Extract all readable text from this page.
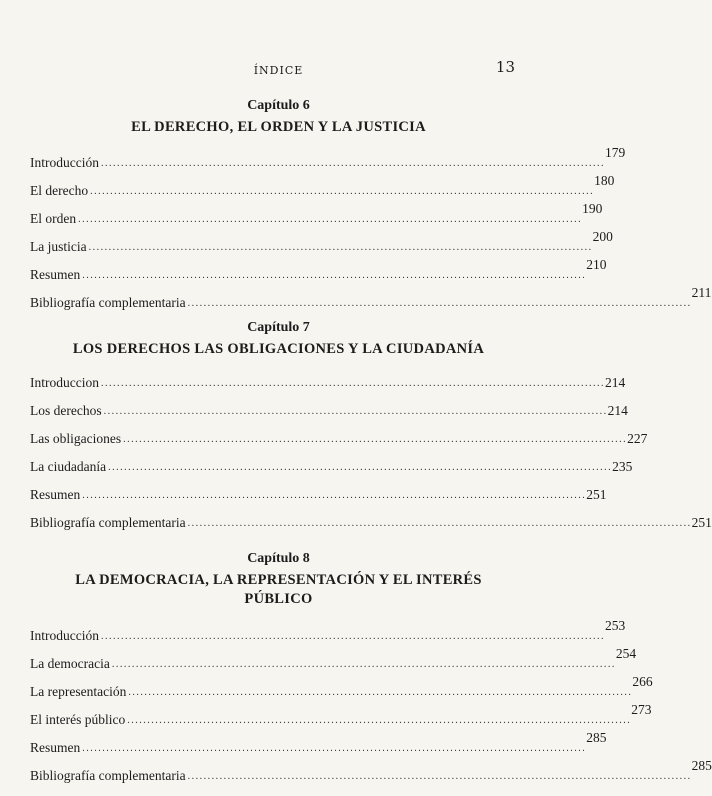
ÍNDICE	13
Capítulo 6
EL DERECHO, EL ORDEN Y LA JUSTICIA
Introducción ..............................................................................................................................
179
El derecho ..............................................................................................................................
180
El orden ..............................................................................................................................
190
La justicia ..............................................................................................................................
200
Resumen ..............................................................................................................................
210
Bibliografía complementaria ..............................................................................................................................
211
Capítulo 7
LOS DERECHOS LAS OBLIGACIONES Y LA CIUDADANÍA
Introduccion .............................................................................................................................. 214
Los derechos .............................................................................................................................. 214
Las obligaciones .............................................................................................................................. 227
La ciudadanía .............................................................................................................................. 235
Resumen .............................................................................................................................. 251
Bibliografía complementaria .............................................................................................................................. 251
Capítulo 8
LA DEMOCRACIA, LA REPRESENTACIÓN Y EL INTERÉS
PÚBLICO
Introducción ..............................................................................................................................
253
La democracia ..............................................................................................................................
254
La representación ..............................................................................................................................
266
El interés público ..............................................................................................................................
273
Resumen ..............................................................................................................................
285
Bibliografía complementaria ..............................................................................................................................
285
